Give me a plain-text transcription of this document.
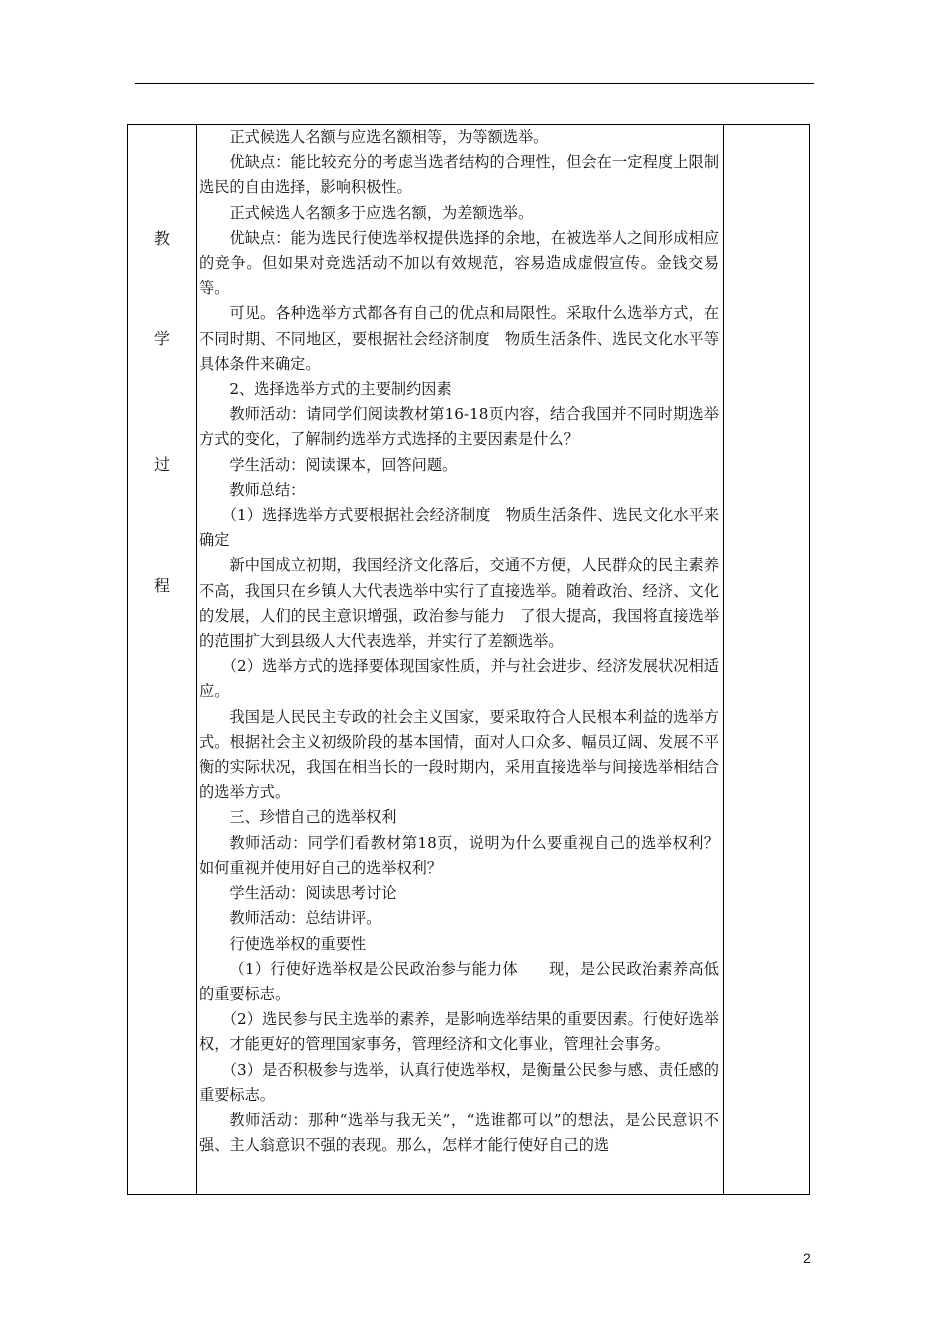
教
学
过
程

正式候选人名额与应选名额相等，为等额选举。

优缺点：能比较充分的考虑当选者结构的合理性，但会在一定程度上限制选民的自由选择，影响积极性。

正式候选人名额多于应选名额，为差额选举。

优缺点：能为选民行使选举权提供选择的余地，在被选举人之间形成相应的竞争。但如果对竞选活动不加以有效规范，容易造成虚假宣传。金钱交易等。

可见。各种选举方式都各有自己的优点和局限性。采取什么选举方式，在不同时期、不同地区，要根据社会经济制度　物质生活条件、选民文化水平等具体条件来确定。

2、选择选举方式的主要制约因素

教师活动：请同学们阅读教材第16-18页内容，结合我国并不同时期选举方式的变化，了解制约选举方式选择的主要因素是什么？

学生活动：阅读课本，回答问题。

教师总结：

（1）选择选举方式要根据社会经济制度　物质生活条件、选民文化水平来确定

新中国成立初期，我国经济文化落后，交通不方便，人民群众的民主素养不高，我国只在乡镇人大代表选举中实行了直接选举。随着政治、经济、文化的发展，人们的民主意识增强，政治参与能力　了很大提高，我国将直接选举的范围扩大到县级人大代表选举，并实行了差额选举。

（2）选举方式的选择要体现国家性质，并与社会进步、经济发展状况相适应。

我国是人民民主专政的社会主义国家，要采取符合人民根本利益的选举方式。根据社会主义初级阶段的基本国情，面对人口众多、幅员辽阔、发展不平衡的实际状况，我国在相当长的一段时期内，采用直接选举与间接选举相结合的选举方式。

三、珍惜自己的选举权利

教师活动：同学们看教材第18页，说明为什么要重视自己的选举权利？如何重视并使用好自己的选举权利？

学生活动：阅读思考讨论

教师活动：总结讲评。

行使选举权的重要性

（1）行使好选举权是公民政治参与能力体　　现，是公民政治素养高低的重要标志。

（2）选民参与民主选举的素养，是影响选举结果的重要因素。行使好选举权，才能更好的管理国家事务，管理经济和文化事业，管理社会事务。

（3）是否积极参与选举，认真行使选举权，是衡量公民参与感、责任感的重要标志。

教师活动：那种“选举与我无关”，“选谁都可以”的想法，是公民意识不强、主人翁意识不强的表现。那么，怎样才能行使好自己的选

2
